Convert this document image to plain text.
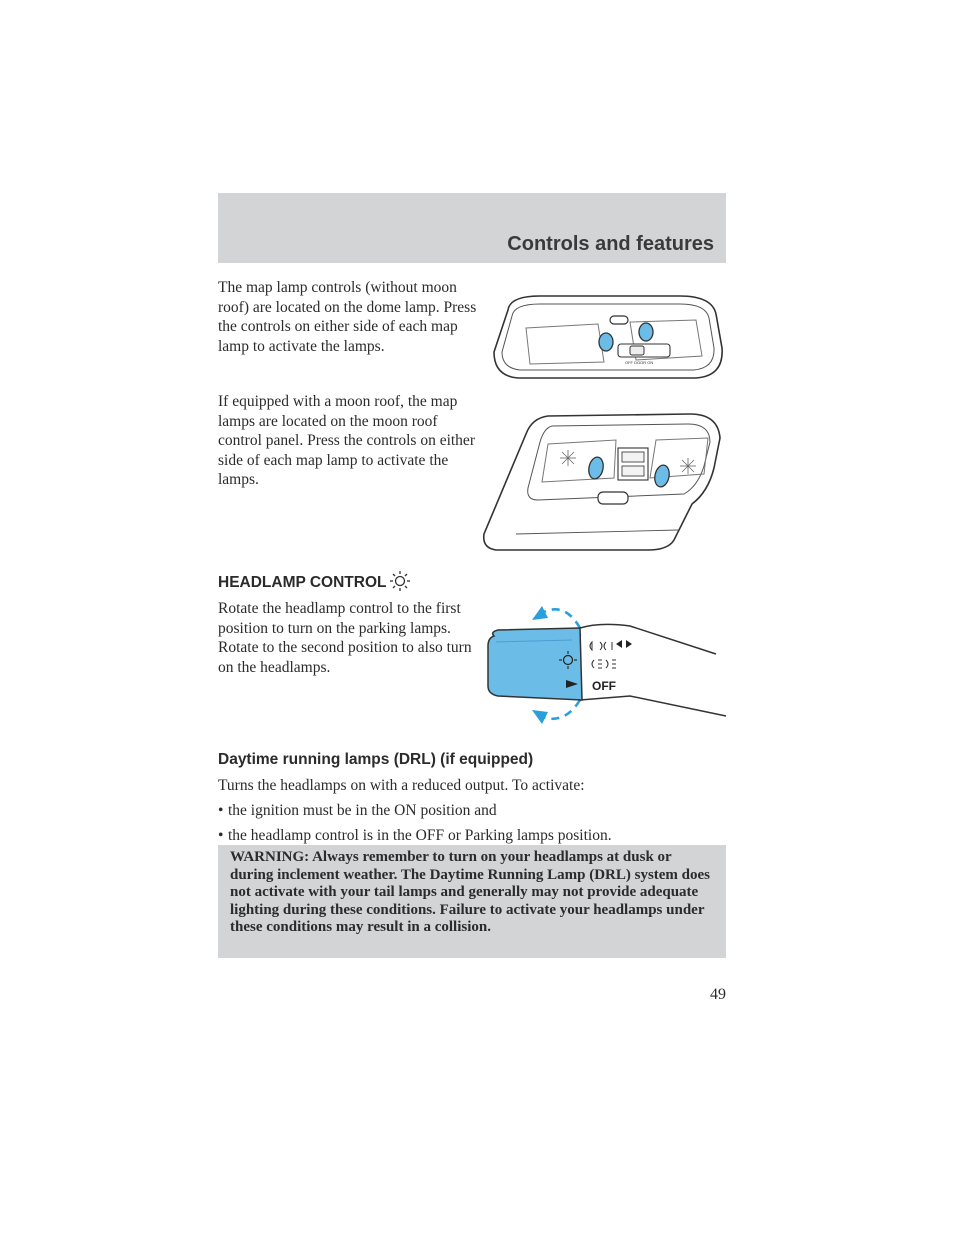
Controls and features

The map lamp controls (without moon roof) are located on the dome lamp. Press the controls on either side of each map lamp to activate the lamps.

OFF DOOR ON

If equipped with a moon roof, the map lamps are located on the moon roof control panel. Press the controls on either side of each map lamp to activate the lamps.

HEADLAMP CONTROL

Rotate the headlamp control to the first position to turn on the parking lamps. Rotate to the second position to also turn on the headlamps.

OFF
Daytime running lamps (DRL) (if equipped)

Turns the headlamps on with a reduced output. To activate:

• the ignition must be in the ON position and
• the headlamp control is in the OFF or Parking lamps position.

WARNING: Always remember to turn on your headlamps at dusk or during inclement weather. The Daytime Running Lamp (DRL) system does not activate with your tail lamps and generally may not provide adequate lighting during these conditions. Failure to activate your headlamps under these conditions may result in a collision.

49
